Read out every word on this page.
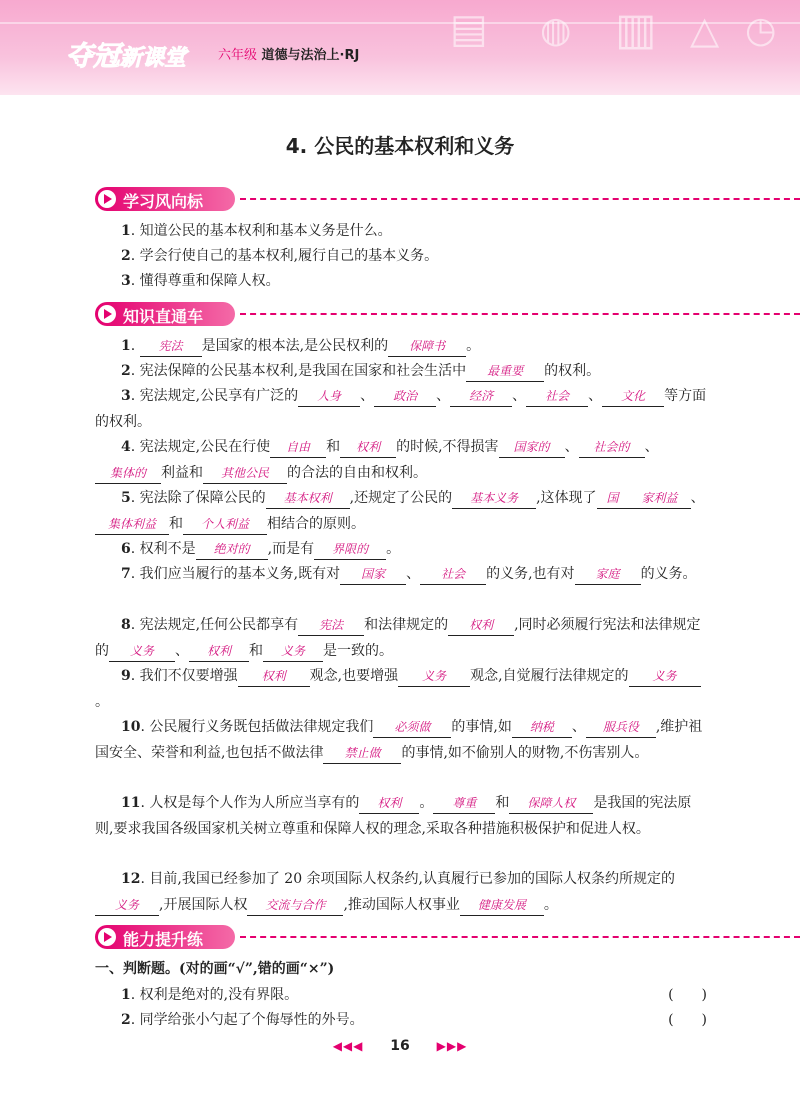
▤ ◍ ▥ △ ◷
夺冠新课堂 六年级 道德与法治上·RJ
4. 公民的基本权利和义务
学习风向标
1. 知道公民的基本权利和基本义务是什么。
2. 学会行使自己的基本权利,履行自己的基本义务。
3. 懂得尊重和保障人权。
知识直通车
1. 宪法 是国家的根本法,是公民权利的 保障书 。
2. 宪法保障的公民基本权利,是我国在国家和社会生活中 最重要 的权利。
3. 宪法规定,公民享有广泛的 人身 、 政治 、 经济 、 社会 、 文化 等方面的权利。
4. 宪法规定,公民在行使 自由 和 权利 的时候,不得损害 国家的 、 社会的 、集体的 利益和 其他公民 的合法的自由和权利。
5. 宪法除了保障公民的 基本权利 ,还规定了公民的 基本义务 ,这体现了 国 家利益 、集体利益 和 个人利益 相结合的原则。
6. 权利不是 绝对的 ,而是有 界限的 。
7. 我们应当履行的基本义务,既有对 国家 、 社会 的义务,也有对 家庭 的义务。
8. 宪法规定,任何公民都享有 宪法 和法律规定的 权利 ,同时必须履行宪法和法律规定的 义务 、 权利 和 义务 是一致的。
9. 我们不仅要增强 权利 观念,也要增强 义务 观念,自觉履行法律规定的 义务。
10. 公民履行义务既包括做法律规定我们 必须做 的事情,如 纳税 、 服兵役 ,维护祖国安全、荣誉和利益,也包括不做法律 禁止做 的事情,如不偷别人的财物,不伤害别人。
11. 人权是每个人作为人所应当享有的 权利 。 尊重 和 保障人权 是我国的宪法原则,要求我国各级国家机关树立尊重和保障人权的理念,采取各种措施积极保护和促进人权。
12. 目前,我国已经参加了 20 余项国际人权条约,认真履行已参加的国际人权条约所规定的义务 ,开展国际人权 交流与合作 ,推动国际人权事业 健康发展 。
能力提升练
一、判断题。(对的画“√”,错的画“×”)
1. 权利是绝对的,没有界限。	(　　)
2. 同学给张小勺起了个侮辱性的外号。	(　　)
◀◀◀ 16 ▶▶▶
